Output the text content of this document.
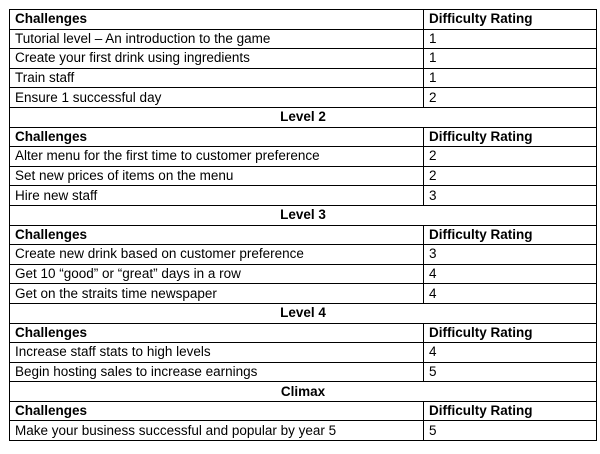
Challenges	Difficulty Rating
Tutorial level – An introduction to the game	1
Create your first drink using ingredients	1
Train staff	1
Ensure 1 successful day	2
Level 2	
Challenges	Difficulty Rating
Alter menu for the first time to customer preference	2
Set new prices of items on the menu	2
Hire new staff	3
Level 3	
Challenges	Difficulty Rating
Create new drink based on customer preference	3
Get 10 “good” or “great” days in a row	4
Get on the straits time newspaper	4
Level 4	
Challenges	Difficulty Rating
Increase staff stats to high levels	4
Begin hosting sales to increase earnings	5
Climax	
Challenges	Difficulty Rating
Make your business successful and popular by year 5	5
